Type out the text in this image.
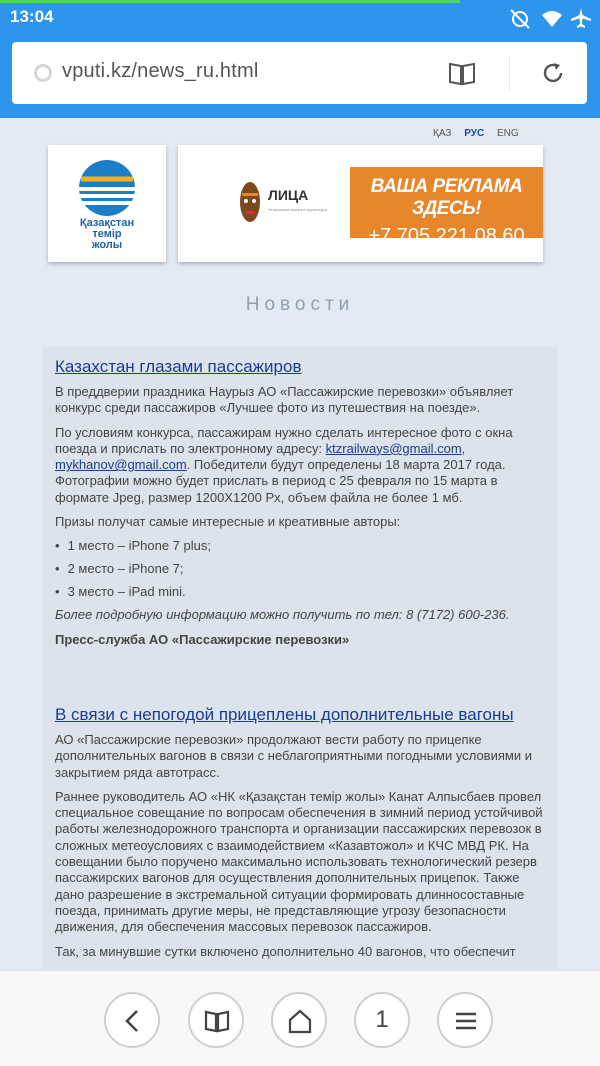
13:04
vputi.kz/news_ru.html
ҚАЗ РУС ENG
Қазақстан
темір
жолы
ЛИЦА
Этническая маска и скульптура
ВАША РЕКЛАМА ЗДЕСЬ!
+7 705 221 08 60
Новости
Казахстан глазами пассажиров

В преддверии праздника Наурыз АО «Пассажирские перевозки» объявляет конкурс среди пассажиров «Лучшее фото из путешествия на поезде».

По условиям конкурса, пассажирам нужно сделать интересное фото с окна поезда и прислать по электронному адресу: ktzrailways@gmail.com, mykhanov@gmail.com. Победители будут определены 18 марта 2017 года. Фотографии можно будет прислать в период с 25 февраля по 15 марта в формате Jpeg, размер 1200X1200 Px, объем файла не более 1 мб.

Призы получат самые интересные и креативные авторы:

• 1 место – iPhone 7 plus;
• 2 место – iPhone 7;
• 3 место – iPad mini.

Более подробную информацию можно получить по тел: 8 (7172) 600-236.

Пресс-служба АО «Пассажирские перевозки»

В связи с непогодой прицеплены дополнительные вагоны

АО «Пассажирские перевозки» продолжают вести работу по прицепке дополнительных вагонов в связи с неблагоприятными погодными условиями и закрытием ряда автотрасс.

Раннее руководитель АО «НК «Қазақстан темір жолы» Канат Алпысбаев провел специальное совещание по вопросам обеспечения в зимний период устойчивой работы железнодорожного транспорта и организации пассажирских перевозок в сложных метеоусловиях с взаимодействием «Казавтожол» и КЧС МВД РК. На совещании было поручено максимально использовать технологический резерв пассажирских вагонов для осуществления дополнительных прицепок. Также дано разрешение в экстремальной ситуации формировать длинносоставные поезда, принимать другие меры, не представляющие угрозу безопасности движения, для обеспечения массовых перевозок пассажиров.

Так, за минувшие сутки включено дополнительно 40 вагонов, что обеспечит

1
